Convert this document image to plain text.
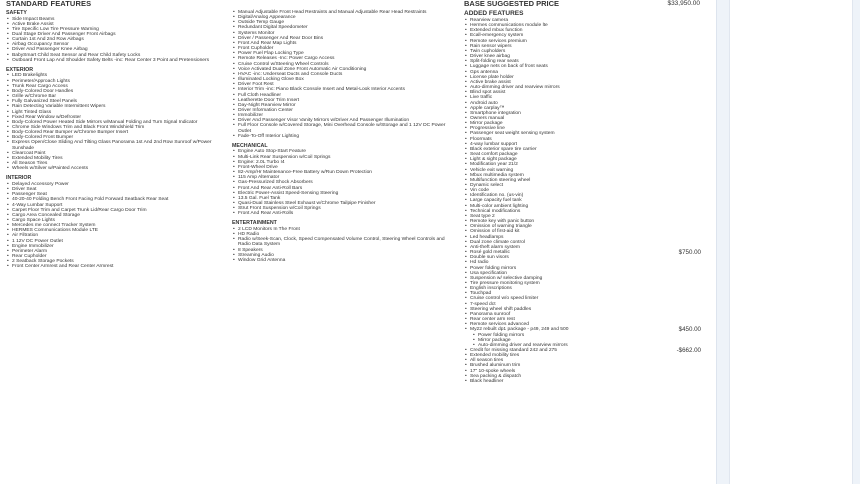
STANDARD FEATURES
SAFETY
• Side Impact Beams
• Active Brake Assist
• Tire Specific Low Tire Pressure Warning
• Dual Stage Driver And Passenger Front Airbags
• Curtain 1st And 2nd Row Airbags
• Airbag Occupancy Sensor
• Driver And Passenger Knee Airbag
• BabySmart Child Seat Sensor and Rear Child Safety Locks
• Outboard Front Lap And Shoulder Safety Belts -inc: Rear Center 3 Point and Pretensioners
EXTERIOR
• LED Brakelights
• Perimeter/Approach Lights
• Trunk Rear Cargo Access
• Body-Colored Door Handles
• Grille w/Chrome Bar
• Fully Galvanized Steel Panels
• Rain Detecting Variable Intermittent Wipers
• Light Tinted Glass
• Fixed Rear Window w/Defroster
• Body-Colored Power Heated Side Mirrors w/Manual Folding and Turn Signal Indicator
• Chrome Side Windows Trim and Black Front Windshield Trim
• Body-Colored Rear Bumper w/Chrome Bumper Insert
• Body-Colored Front Bumper
• Express Open/Close Sliding And Tilting Glass Panorama 1st And 2nd Row Sunroof w/Power Sunshade
• Clearcoat Paint
• Extended Mobility Tires
• All Season Tires
• Wheels w/Silver w/Painted Accents
INTERIOR
• Delayed Accessory Power
• Driver Seat
• Passenger Seat
• 40-20-40 Folding Bench Front Facing Fold Forward Seatback Rear Seat
• 4-Way Lumbar Support
• Carpet Floor Trim and Carpet Trunk Lid/Rear Cargo Door Trim
• Cargo Area Concealed Storage
• Cargo Space Lights
• Mercedes me connect Tracker System
• HERMES Communications Module LTE
• Air Filtration
• 1 12V DC Power Outlet
• Engine Immobilizer
• Perimeter Alarm
• Rear Cupholder
• 2 Seatback Storage Pockets
• Front Center Armrest and Rear Center Armrest
• Manual Adjustable Front Head Restraints and Manual Adjustable Rear Head Restraints
• Digital/Analog Appearance
• Outside Temp Gauge
• Redundant Digital Speedometer
• Systems Monitor
• Driver / Passenger And Rear Door Bins
• Front And Rear Map Lights
• Front Cupholder
• Power Fuel Flap Locking Type
• Remote Releases -Inc: Power Cargo Access
• Cruise Control w/Steering Wheel Controls
• Voice Activated Dual Zone Front Automatic Air Conditioning
• HVAC -inc: Underseat Ducts and Console Ducts
• Illuminated Locking Glove Box
• Driver Foot Rest
• Interior Trim -inc: Piano Black Console Insert and Metal-Look Interior Accents
• Full Cloth Headliner
• Leatherette Door Trim Insert
• Day-Night Rearview Mirror
• Driver Information Center
• Immobilizer
• Driver And Passenger Visor Vanity Mirrors w/Driver And Passenger Illumination
• Full Floor Console w/Covered Storage, Mini Overhead Console w/Storage and 1 12V DC Power Outlet
• Fade-To-Off Interior Lighting
MECHANICAL
• Engine Auto Stop-Start Feature
• Multi-Link Rear Suspension w/Coil Springs
• Engine: 2.0L Turbo I4
• Front-Wheel Drive
• 82-Amp/Hr Maintenance-Free Battery w/Run Down Protection
• 115 Amp Alternator
• Gas-Pressurized Shock Absorbers
• Front And Rear Anti-Roll Bars
• Electric Power-Assist Speed-Sensing Steering
• 13.5 Gal. Fuel Tank
• Quasi-Dual Stainless Steel Exhaust w/Chrome Tailpipe Finisher
• Strut Front Suspension w/Coil Springs
• Front And Rear Anti-Rolls
ENTERTAINMENT
• 2 LCD Monitors In The Front
• HD Radio
• Radio w/Seek-Scan, Clock, Speed Compensated Volume Control, Steering Wheel Controls and Radio Data System
• 8 Speakers
• Streaming Audio
• Window Grid Antenna
BASE SUGGESTED PRICE	$33,950.00
ADDED FEATURES
• Rearview camera
• Hermes communications module lte
• Extended mbux function
• Ecall-emergency system
• Remote services premium
• Rain sensor wipers
• Twin cupholders
• Driver knee airbag
• Split-folding rear seats
• Luggage nets on back of front seats
• Gps antenna
• License plate holder
• Active brake assist
• Auto-dimming driver and rearview mirrors
• Blind spot assist
• Live traffic
• Android auto
• Apple carplay™
• Smartphone integration
• Owners manual
• Mirror package
• Progressive line
• Passenger seat weight sensing system
• Floormats
• 4-way lumbar support
• Black exterior spare tire carrier
• Seat comfort package
• Light & sight package
• Modification year 21/2
• Vehicle exit warning
• Mbux multimedia system
• Multifunction steering wheel
• Dynamic select
• Vin code
• Identification no. (us-vin)
• Large capacity fuel tank
• Multi-color ambient lighting
• Technical modifications
• Seat type 2
• Remote key with panic button
• Omission of warning triangle
• Omission of first-aid kit
• Led headlamps
• Dual zone climate control
• Anti-theft alarm system
• Rosé gold metallic	$750.00
• Double sun visors
• Hd radio
• Power folding mirrors
• Usa specification
• Suspension w/ selective damping
• Tire pressure monitoring system
• English inscriptions
• Touchpad
• Cruise control w/o speed limiter
• 7-speed dct
• Steering wheel shift paddles
• Panorama sunroof
• Rear center arm rest
• Remote services advanced
• My22 rebuilt dp1 package - p49, 249 and 500	$450.00
• Power folding mirrors
• Mirror package
• Auto-dimming driver and rearview mirrors
• Credit for missing standard 242 and 275	-$662.00
• Extended mobility tires
• All season tires
• Brushed aluminum trim
• 17" 10-spoke wheels
• Sea packing & dispatch
• Black headliner
